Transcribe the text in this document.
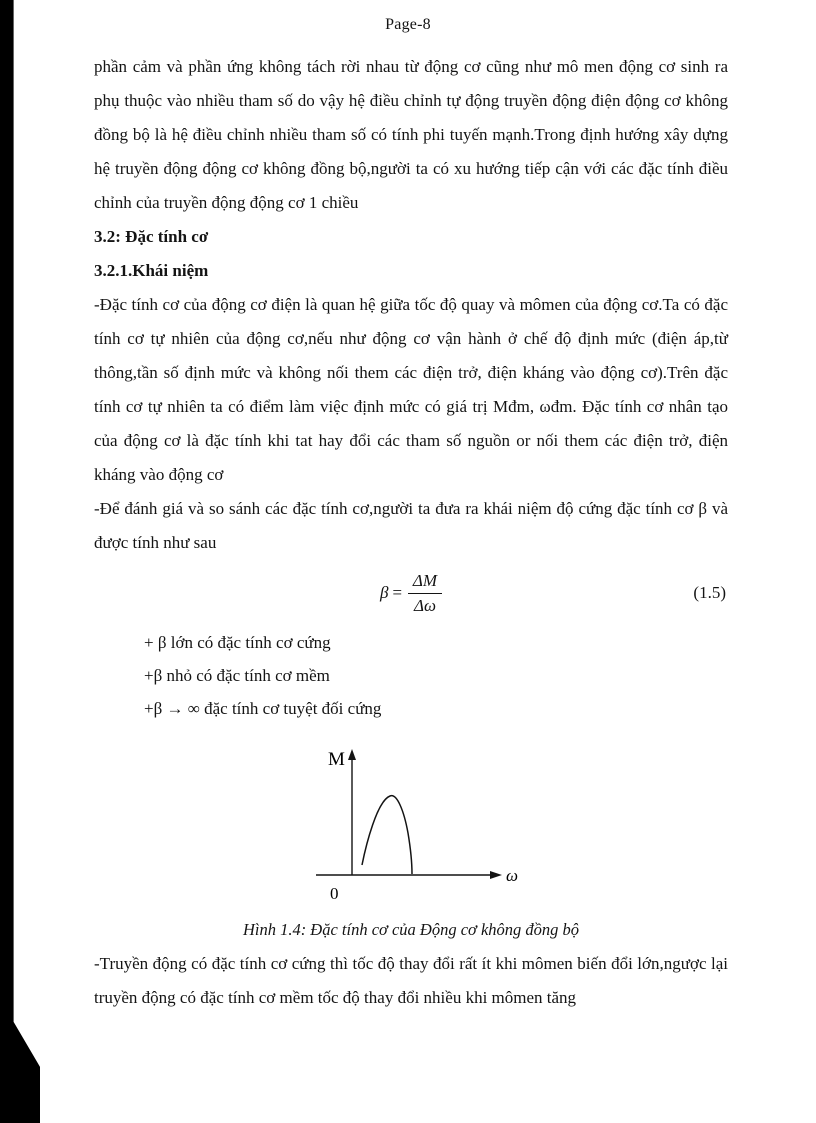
Page-8

phần cảm và phần ứng không tách rời nhau từ động cơ cũng như mô men động cơ sinh ra phụ thuộc vào nhiều tham số do vậy hệ điều chỉnh tự động truyền động điện động cơ không đồng bộ là hệ điều chỉnh nhiều tham số có tính phi tuyến mạnh.Trong định hướng xây dựng hệ truyền động động cơ không đồng bộ,người ta có xu hướng tiếp cận với các đặc tính điều chỉnh của truyền động động cơ 1 chiều

3.2: Đặc tính cơ

3.2.1.Khái niệm

-Đặc tính cơ của động cơ điện là quan hệ giữa tốc độ quay và mômen của động cơ.Ta có đặc tính cơ tự nhiên của động cơ,nếu như động cơ vận hành ở chế độ định mức (điện áp,từ thông,tần số định mức và không nối them các điện trở, điện kháng vào động cơ).Trên đặc tính cơ tự nhiên ta có điểm làm việc định mức có giá trị Mđm, ωđm. Đặc tính cơ nhân tạo của động cơ là đặc tính khi tat hay đổi các tham số nguồn or nối them các điện trở, điện kháng vào động cơ

-Để đánh giá và so sánh các đặc tính cơ,người ta đưa ra khái niệm độ cứng đặc tính cơ β và được tính như sau

$\beta = \frac{\Delta M}{\Delta\omega}$	(1.5)

+ β lớn có đặc tính cơ cứng

+β nhỏ có đặc tính cơ mềm

+β → ∞ đặc tính cơ tuyệt đối cứng

M
ω
0

Hình 1.4: Đặc tính cơ của Động cơ không đồng bộ

-Truyền động có đặc tính cơ cứng thì tốc độ thay đổi rất ít khi mômen biến đổi lớn,ngược lại truyền động có đặc tính cơ mềm tốc độ thay đổi nhiều khi mômen tăng
